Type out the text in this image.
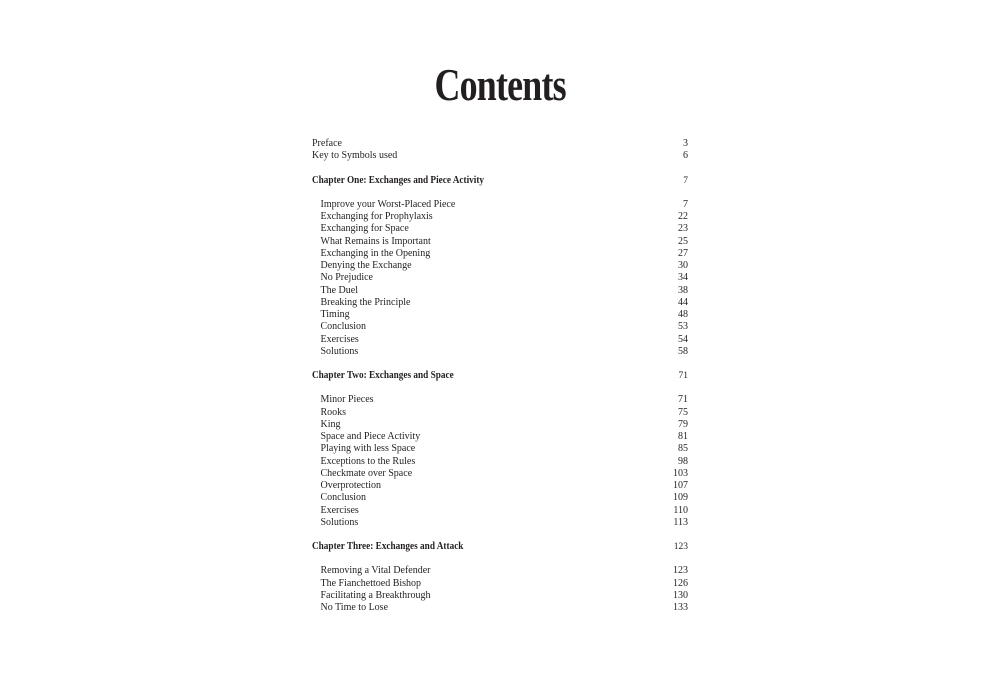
Contents
Preface	3
Key to Symbols used	6
Chapter One: Exchanges and Piece Activity	7
Improve your Worst-Placed Piece	7
Exchanging for Prophylaxis	22
Exchanging for Space	23
What Remains is Important	25
Exchanging in the Opening	27
Denying the Exchange	30
No Prejudice	34
The Duel	38
Breaking the Principle	44
Timing	48
Conclusion	53
Exercises	54
Solutions	58
Chapter Two: Exchanges and Space	71
Minor Pieces	71
Rooks	75
King	79
Space and Piece Activity	81
Playing with less Space	85
Exceptions to the Rules	98
Checkmate over Space	103
Overprotection	107
Conclusion	109
Exercises	110
Solutions	113
Chapter Three: Exchanges and Attack	123
Removing a Vital Defender	123
The Fianchettoed Bishop	126
Facilitating a Breakthrough	130
No Time to Lose	133
